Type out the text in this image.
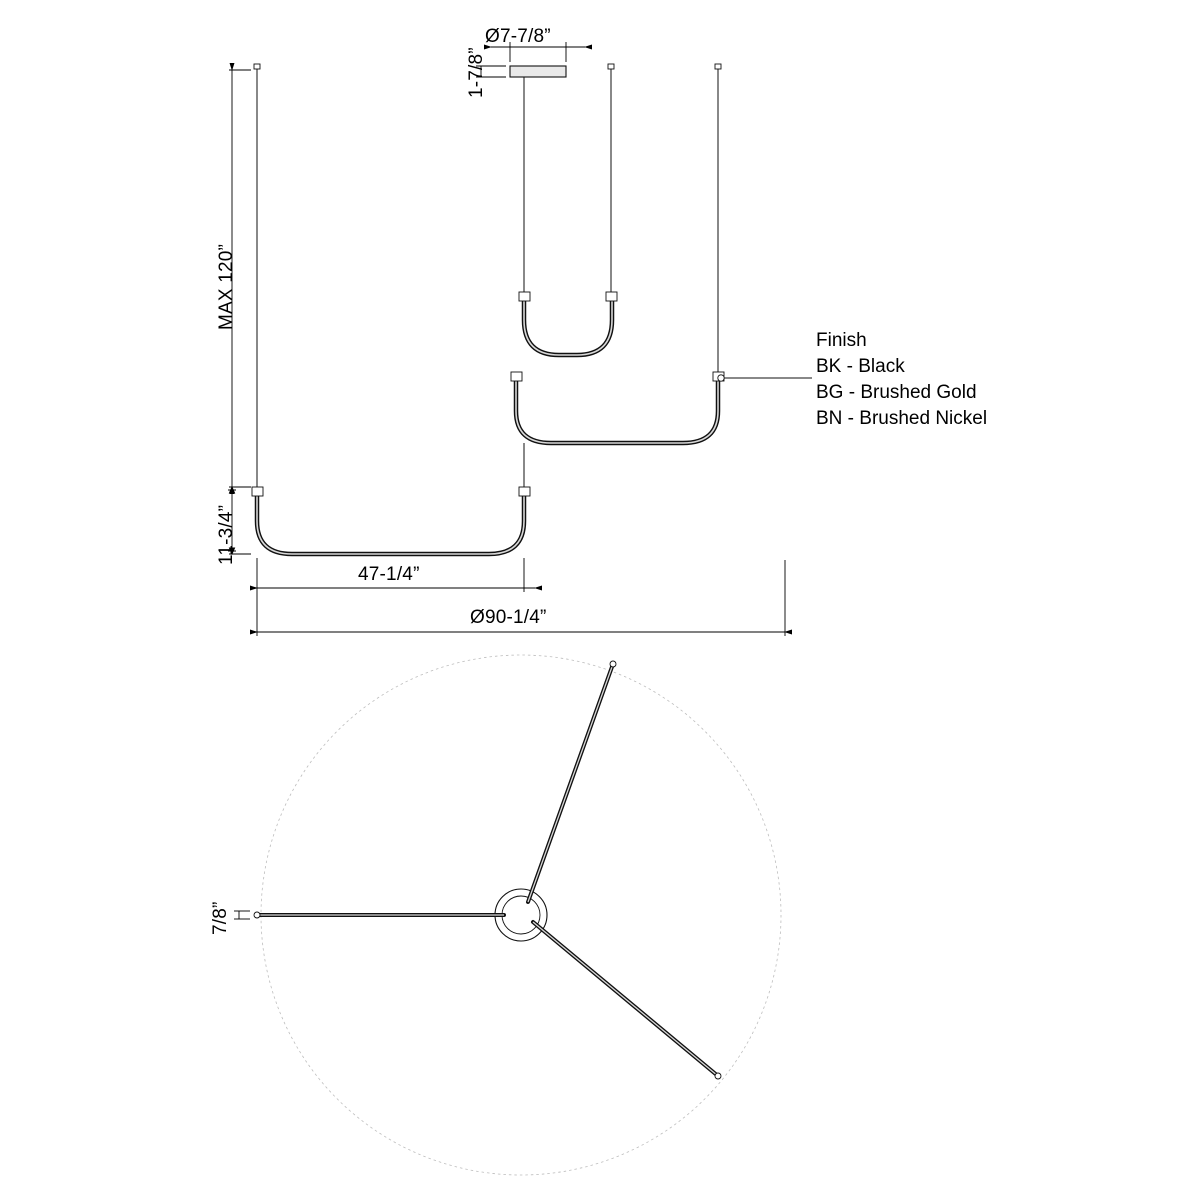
Ø7-7/8”
1-7/8”
MAX 120”
11-3/4”
47-1/4”
Ø90-1/4”
7/8”
Finish
BK - Black
BG - Brushed Gold
BN - Brushed Nickel
